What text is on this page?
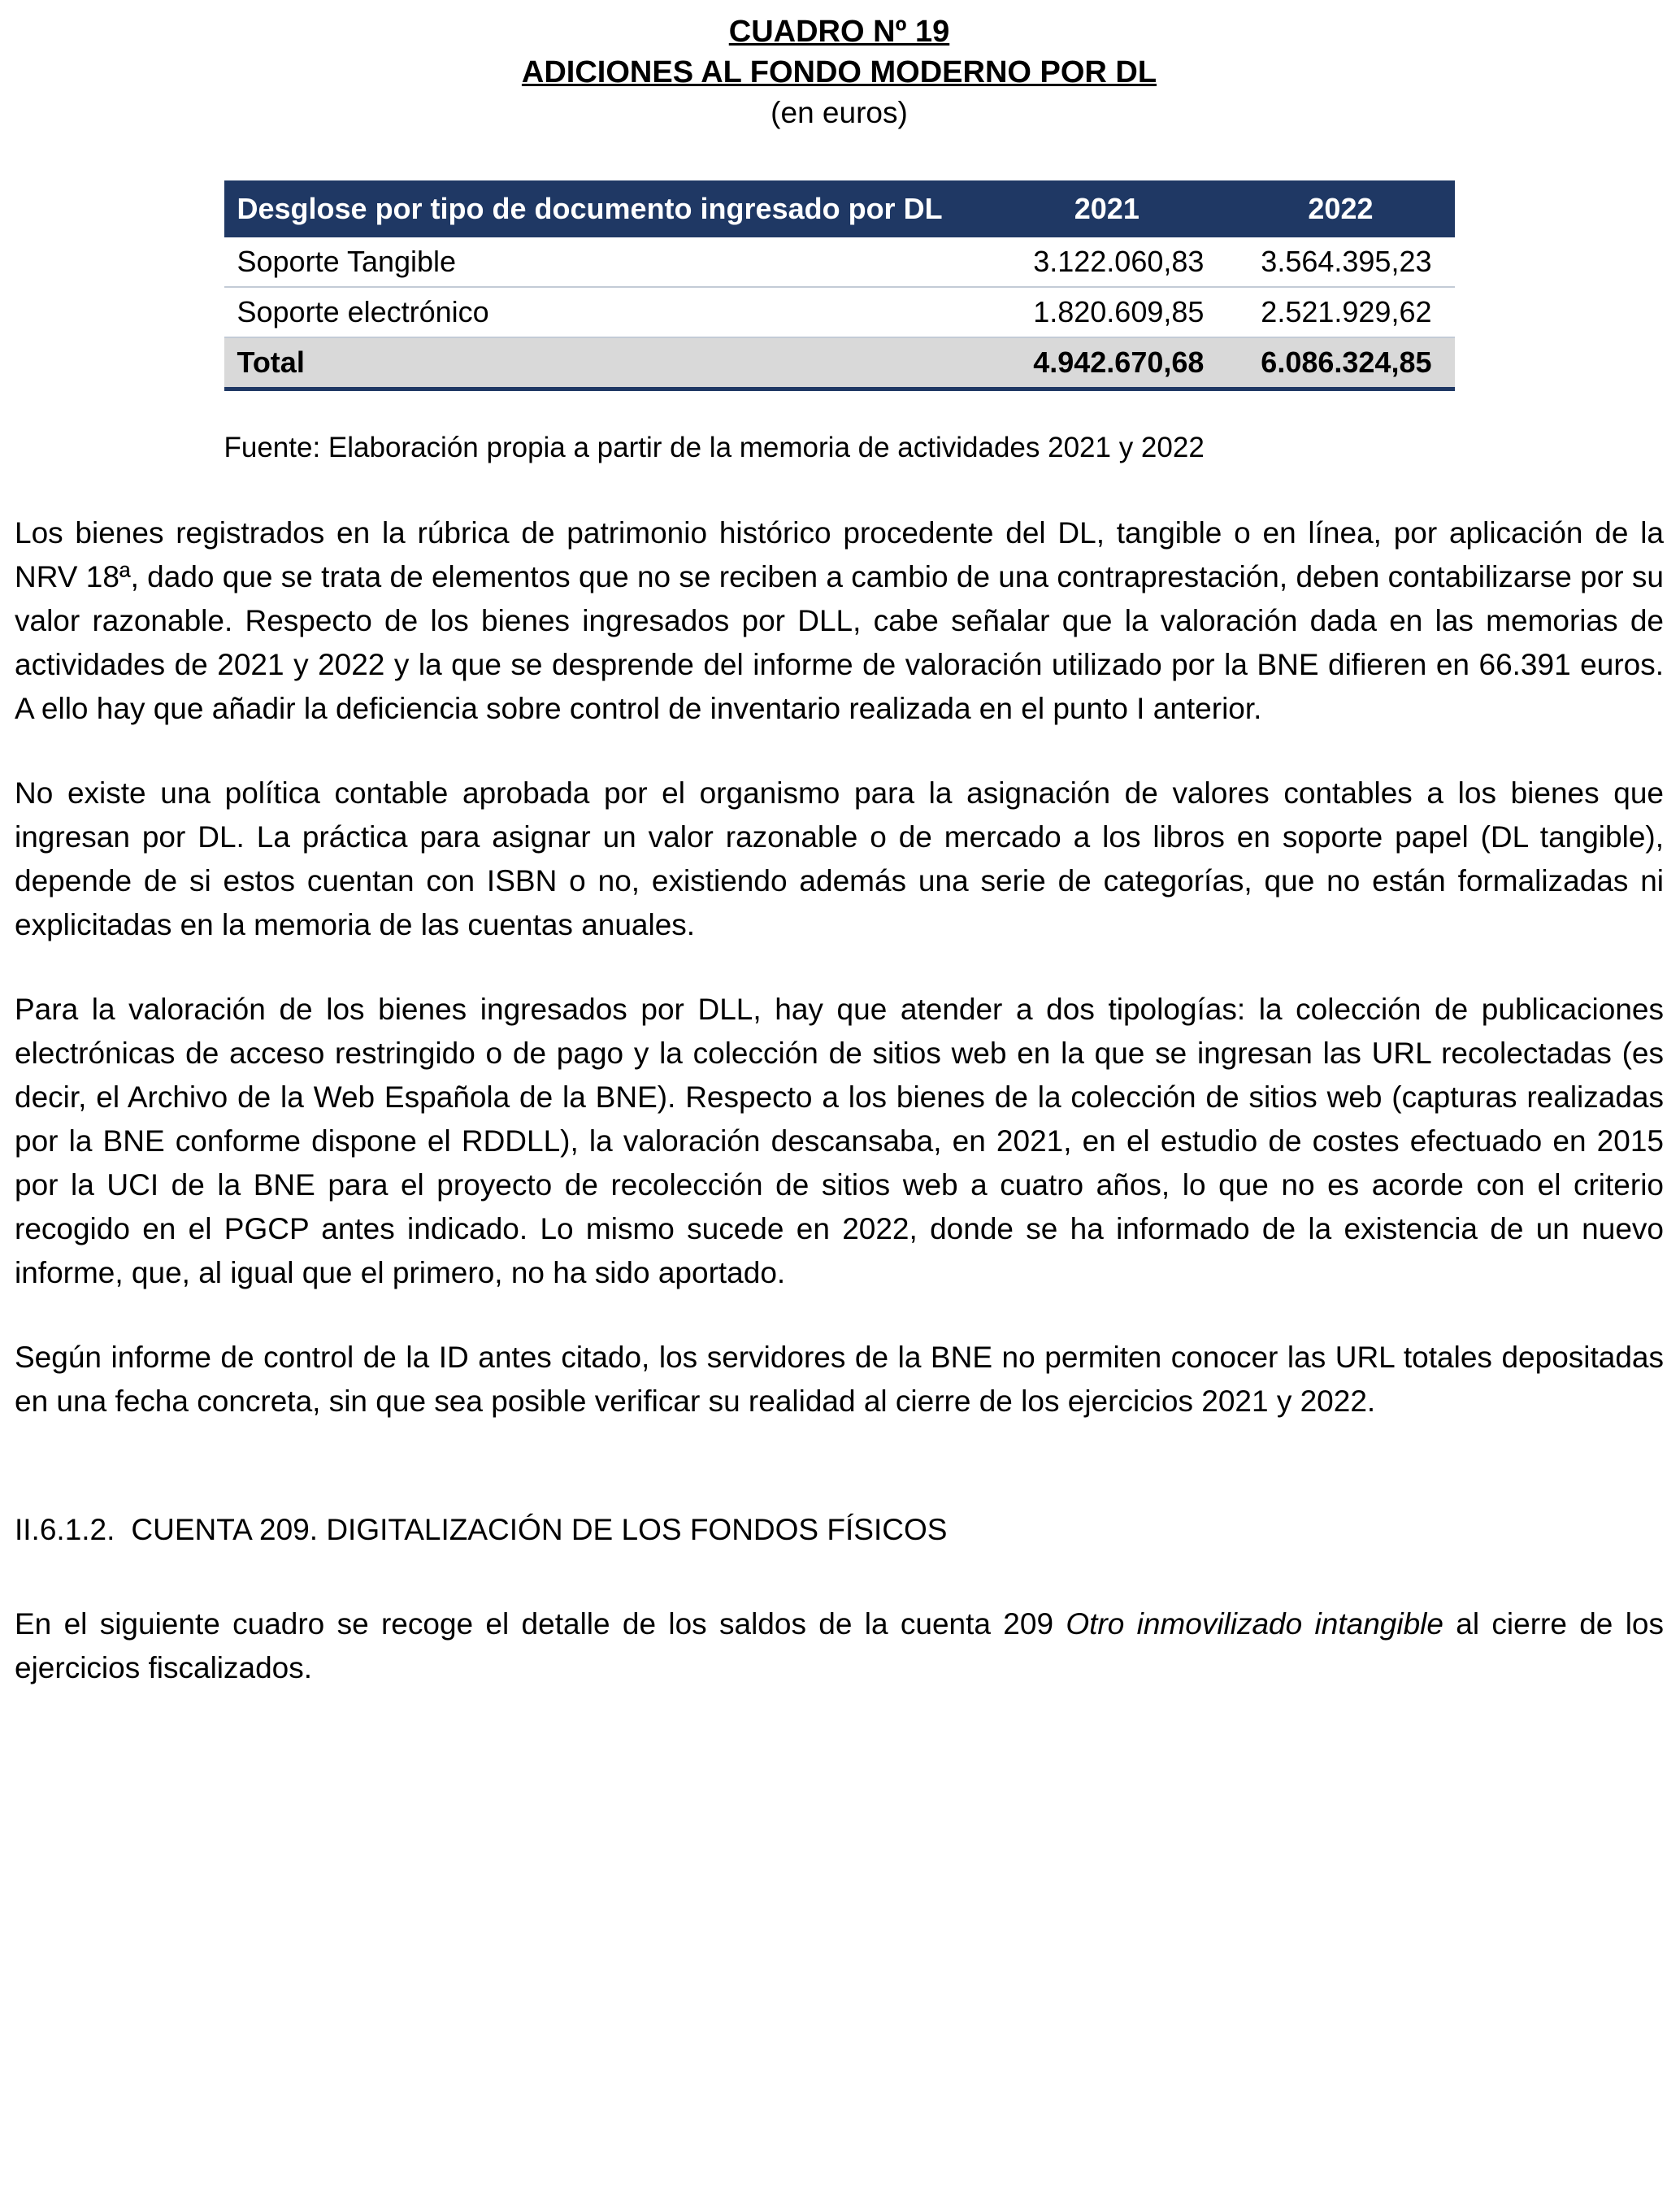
CUADRO Nº 19
ADICIONES AL FONDO MODERNO POR DL
(en euros)
Desglose por tipo de documento ingresado por DL	2021	2022
Soporte Tangible	3.122.060,83	3.564.395,23
Soporte electrónico	1.820.609,85	2.521.929,62
Total	4.942.670,68	6.086.324,85
Fuente: Elaboración propia a partir de la memoria de actividades 2021 y 2022

Los bienes registrados en la rúbrica de patrimonio histórico procedente del DL, tangible o en línea, por aplicación de la NRV 18ª, dado que se trata de elementos que no se reciben a cambio de una contraprestación, deben contabilizarse por su valor razonable. Respecto de los bienes ingresados por DLL, cabe señalar que la valoración dada en las memorias de actividades de 2021 y 2022 y la que se desprende del informe de valoración utilizado por la BNE difieren en 66.391 euros. A ello hay que añadir la deficiencia sobre control de inventario realizada en el punto I anterior.

No existe una política contable aprobada por el organismo para la asignación de valores contables a los bienes que ingresan por DL. La práctica para asignar un valor razonable o de mercado a los libros en soporte papel (DL tangible), depende de si estos cuentan con ISBN o no, existiendo además una serie de categorías, que no están formalizadas ni explicitadas en la memoria de las cuentas anuales.

Para la valoración de los bienes ingresados por DLL, hay que atender a dos tipologías: la colección de publicaciones electrónicas de acceso restringido o de pago y la colección de sitios web en la que se ingresan las URL recolectadas (es decir, el Archivo de la Web Española de la BNE). Respecto a los bienes de la colección de sitios web (capturas realizadas por la BNE conforme dispone el RDDLL), la valoración descansaba, en 2021, en el estudio de costes efectuado en 2015 por la UCI de la BNE para el proyecto de recolección de sitios web a cuatro años, lo que no es acorde con el criterio recogido en el PGCP antes indicado. Lo mismo sucede en 2022, donde se ha informado de la existencia de un nuevo informe, que, al igual que el primero, no ha sido aportado.

Según informe de control de la ID antes citado, los servidores de la BNE no permiten conocer las URL totales depositadas en una fecha concreta, sin que sea posible verificar su realidad al cierre de los ejercicios 2021 y 2022.

II.6.1.2. CUENTA 209. DIGITALIZACIÓN DE LOS FONDOS FÍSICOS

En el siguiente cuadro se recoge el detalle de los saldos de la cuenta 209 Otro inmovilizado intangible al cierre de los ejercicios fiscalizados.
